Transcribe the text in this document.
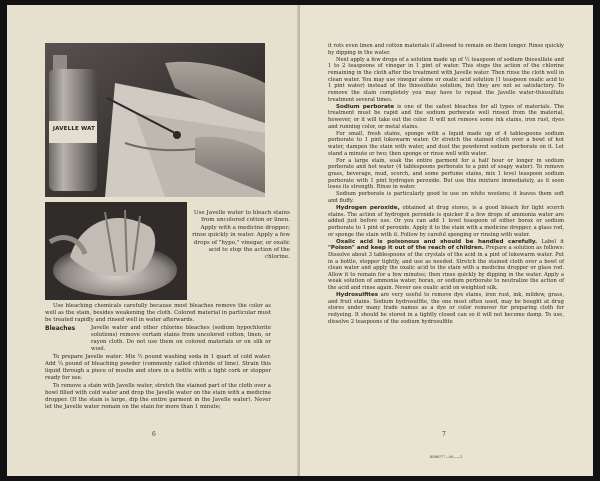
JAVELLE WAT
Use Javelle water to bleach stains from uncolored cotton or linen. Apply with a medicine dropper; rinse quickly in water. Apply a few drops of "hypo," vinegar, or oxalic acid to stop the action of the chlorine.

Use bleaching chemicals carefully because most bleaches remove the color as well as the stain, besides weakening the cloth. Colored material in particular must be treated rapidly and rinsed well in water afterwards.

Bleaches	Javelle water and other chlorine bleaches (sodium hypochlorite solutions) remove certain stains from uncolored cotton, linen, or rayon cloth. Do not use them on colored materials or on silk or wool.

To prepare Javelle water: Mix ½ pound washing soda in 1 quart of cold water. Add ¼ pound of bleaching powder (commonly called chloride of lime). Strain this liquid through a piece of muslin and store in a bottle with a tight cork or stopper ready for use.

To remove a stain with Javelle water, stretch the stained part of the cloth over a bowl filled with cold water and drop the Javelle water on the stain with a medicine dropper. (If the stain is large, dip the entire garment in the Javelle water). Never let the Javelle water remain on the stain for more than 1 minute;

6

it rots even linen and cotton materials if allowed to remain on them longer. Rinse quickly by dipping in the water.

Next apply a few drops of a solution made up of ½ teaspoon of sodium thiosulfate and 1 to 2 teaspoons of vinegar in 1 pint of water. This stops the action of the chlorine remaining in the cloth after the treatment with Javelle water. Then rinse the cloth well in clean water. You may use vinegar alone or oxalic acid solution (1 teaspoon oxalic acid to 1 pint water) instead of the thiosulfate solution, but they are not so satisfactory. To remove the stain completely you may have to repeat the Javelle water-thiosulfate treatment several times.

Sodium perborate is one of the safest bleaches for all types of materials. The treatment must be rapid and the sodium perborate well rinsed from the material, however, or it will take out the color. It will not remove some ink stains, iron rust, dyes and running color, or metal stains.

For small, fresh stains, sponge with a liquid made up of 4 tablespoons sodium perborate to 1 pint lukewarm water. Or stretch the stained cloth over a bowl of hot water, dampen the stain with water, and dust the powdered sodium perborate on it. Let stand a minute or two; then sponge or rinse well with water.

For a large stain, soak the entire garment for a half hour or longer in sodium perborate and hot water (4 tablespoons perborate to a pint of soapy water). To remove grass, beverage, mud, scorch, and some perfume stains, mix 1 level teaspoon sodium perborate with 1 pint hydrogen peroxide. But use this mixture immediately, as it soon loses its strength. Rinse in water.

Sodium perborate is particularly good to use on white woolens; it leaves them soft and fluffy.

Hydrogen peroxide, obtained at drug stores, is a good bleach for light scorch stains. The action of hydrogen peroxide is quicker if a few drops of ammonia water are added just before use. Or you can add 1 level teaspoon of either borax or sodium perborate to 1 pint of peroxide. Apply it to the stain with a medicine dropper, a glass rod, or sponge the stain with it. Follow by careful sponging or rinsing with water.

Oxalic acid is poisonous and should be handled carefully. Label it "Poison" and keep it out of the reach of children. Prepare a solution as follows: Dissolve about 3 tablespoons of the crystals of the acid in a pint of lukewarm water. Put in a bottle, stopper tightly, and use as needed. Stretch the stained cloth over a bowl of clean water and apply the oxalic acid to the stain with a medicine dropper or glass rod. Allow it to remain for a few minutes; then rinse quickly by dipping in the water. Apply a weak solution of ammonia water, borax, or sodium perborate to neutralize the action of the acid and rinse again. Never use oxalic acid on weighted silk.

Hydrosulfites are very useful to remove dye stains, iron rust, ink, mildew, grass, and fruit stains. Sodium hydrosulfite, the one most often used, may be bought at drug stores under many trade names as a dye or color remover for preparing cloth for redyeing. It should be stored in a tightly closed can so it will not become damp. To use, dissolve 2 teaspoons of the sodium hydrosulfite

806677°—49——2
7
